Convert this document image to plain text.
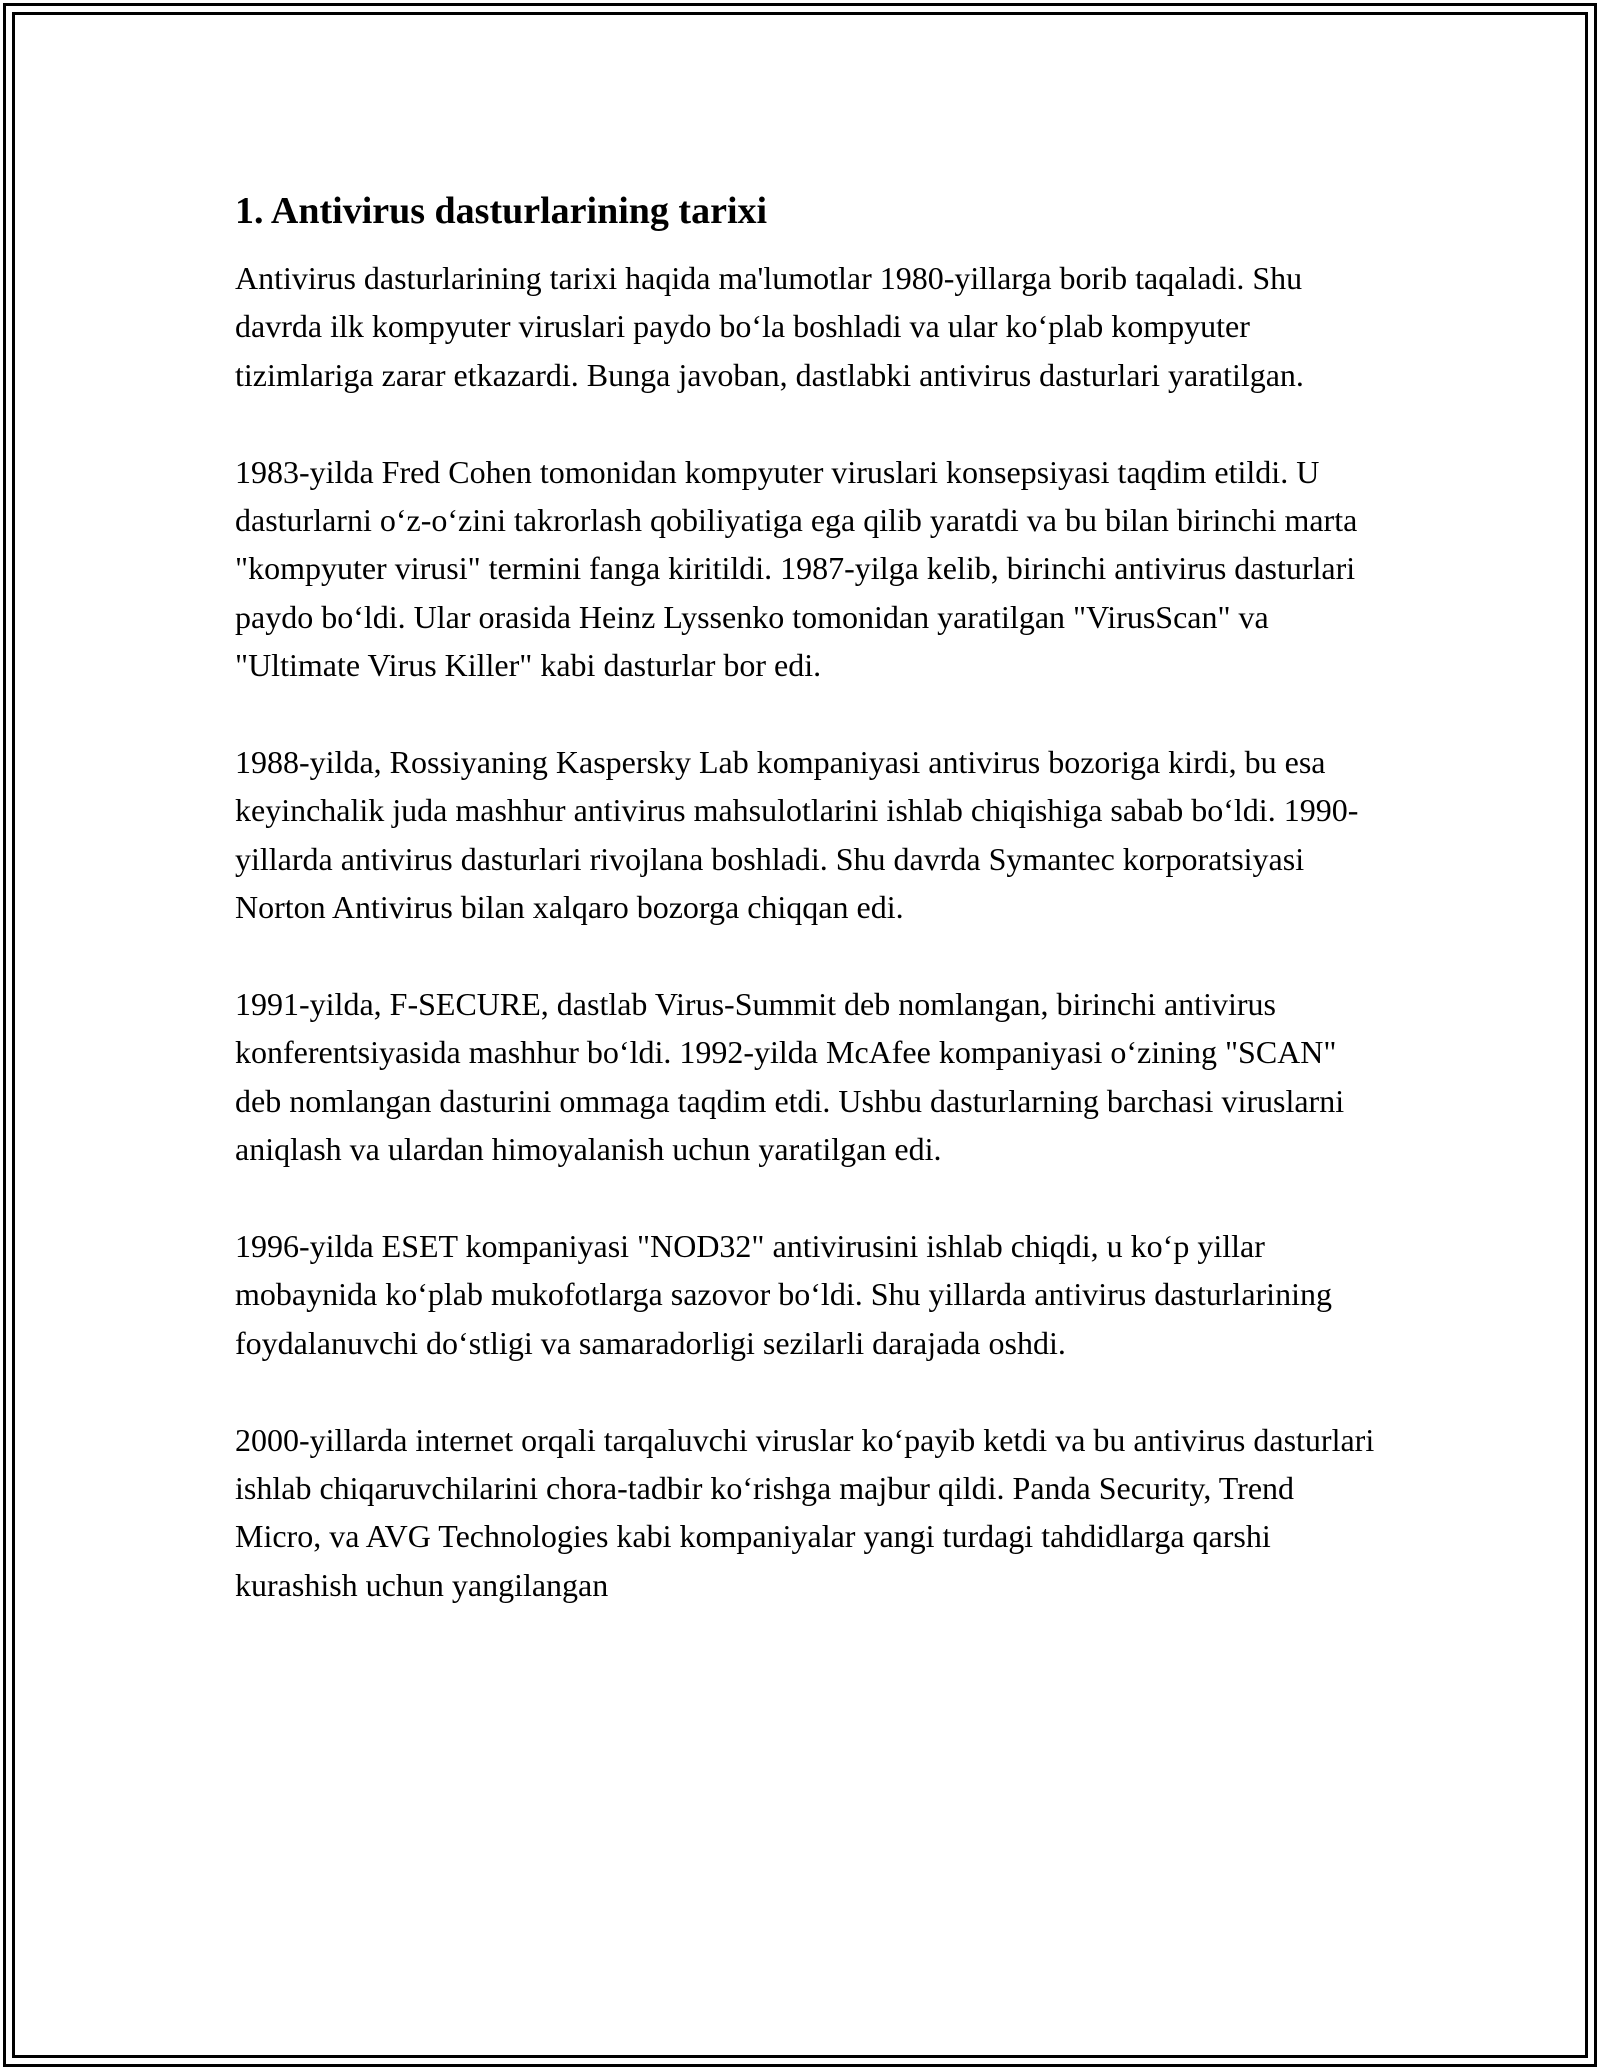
1. Antivirus dasturlarining tarixi

Antivirus dasturlarining tarixi haqida ma'lumotlar 1980-yillarga borib taqaladi. Shu davrda ilk kompyuter viruslari paydo bo‘la boshladi va ular ko‘plab kompyuter tizimlariga zarar etkazardi. Bunga javoban, dastlabki antivirus dasturlari yaratilgan.

1983-yilda Fred Cohen tomonidan kompyuter viruslari konsepsiyasi taqdim etildi. U dasturlarni o‘z-o‘zini takrorlash qobiliyatiga ega qilib yaratdi va bu bilan birinchi marta "kompyuter virusi" termini fanga kiritildi. 1987-yilga kelib, birinchi antivirus dasturlari paydo bo‘ldi. Ular orasida Heinz Lyssenko tomonidan yaratilgan "VirusScan" va "Ultimate Virus Killer" kabi dasturlar bor edi.

1988-yilda, Rossiyaning Kaspersky Lab kompaniyasi antivirus bozoriga kirdi, bu esa keyinchalik juda mashhur antivirus mahsulotlarini ishlab chiqishiga sabab bo‘ldi. 1990-yillarda antivirus dasturlari rivojlana boshladi. Shu davrda Symantec korporatsiyasi Norton Antivirus bilan xalqaro bozorga chiqqan edi.

1991-yilda, F-SECURE, dastlab Virus-Summit deb nomlangan, birinchi antivirus konferentsiyasida mashhur bo‘ldi. 1992-yilda McAfee kompaniyasi o‘zining "SCAN" deb nomlangan dasturini ommaga taqdim etdi. Ushbu dasturlarning barchasi viruslarni aniqlash va ulardan himoyalanish uchun yaratilgan edi.

1996-yilda ESET kompaniyasi "NOD32" antivirusini ishlab chiqdi, u ko‘p yillar mobaynida ko‘plab mukofotlarga sazovor bo‘ldi. Shu yillarda antivirus dasturlarining foydalanuvchi do‘stligi va samaradorligi sezilarli darajada oshdi.

2000-yillarda internet orqali tarqaluvchi viruslar ko‘payib ketdi va bu antivirus dasturlari ishlab chiqaruvchilarini chora-tadbir ko‘rishga majbur qildi. Panda Security, Trend Micro, va AVG Technologies kabi kompaniyalar yangi turdagi tahdidlarga qarshi kurashish uchun yangilangan
